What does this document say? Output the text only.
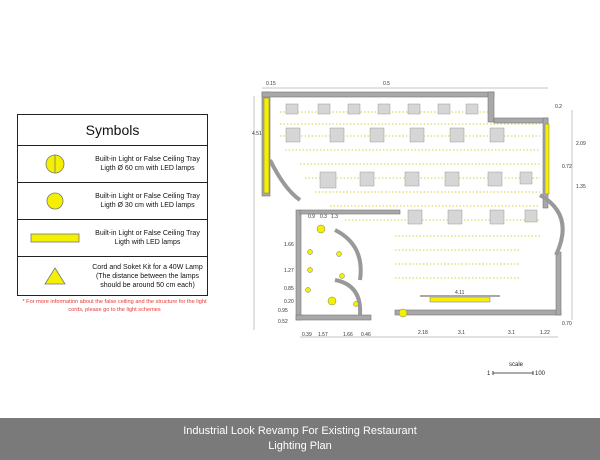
Symbols
Built-in Light or False Ceiling Tray Ligth Ø 60 cm with LED lamps
Built-in Light or False Ceiling Tray Ligth Ø 30 cm with LED lamps
Built-in Light or False Ceiling Tray Ligth with LED lamps
Cord and Soket Kit for a 40W Lamp (The distance between the lamps should be around 50 cm each)
* For more information about the false ceiling and the structure for the light cords, please go to the light schemes
0.15	0.5
0.2
4.51
1.66
1.27
0.85
0.20
0.95
0.52
0.9 0.3 1.3
2.09
0.72
1.35
0.70
0.39 1.57	1.66 0.46	2.18	3.1	3.1	1.22
4.11
scale
1	100
Industrial Look Revamp For Existing Restaurant
Lighting Plan
